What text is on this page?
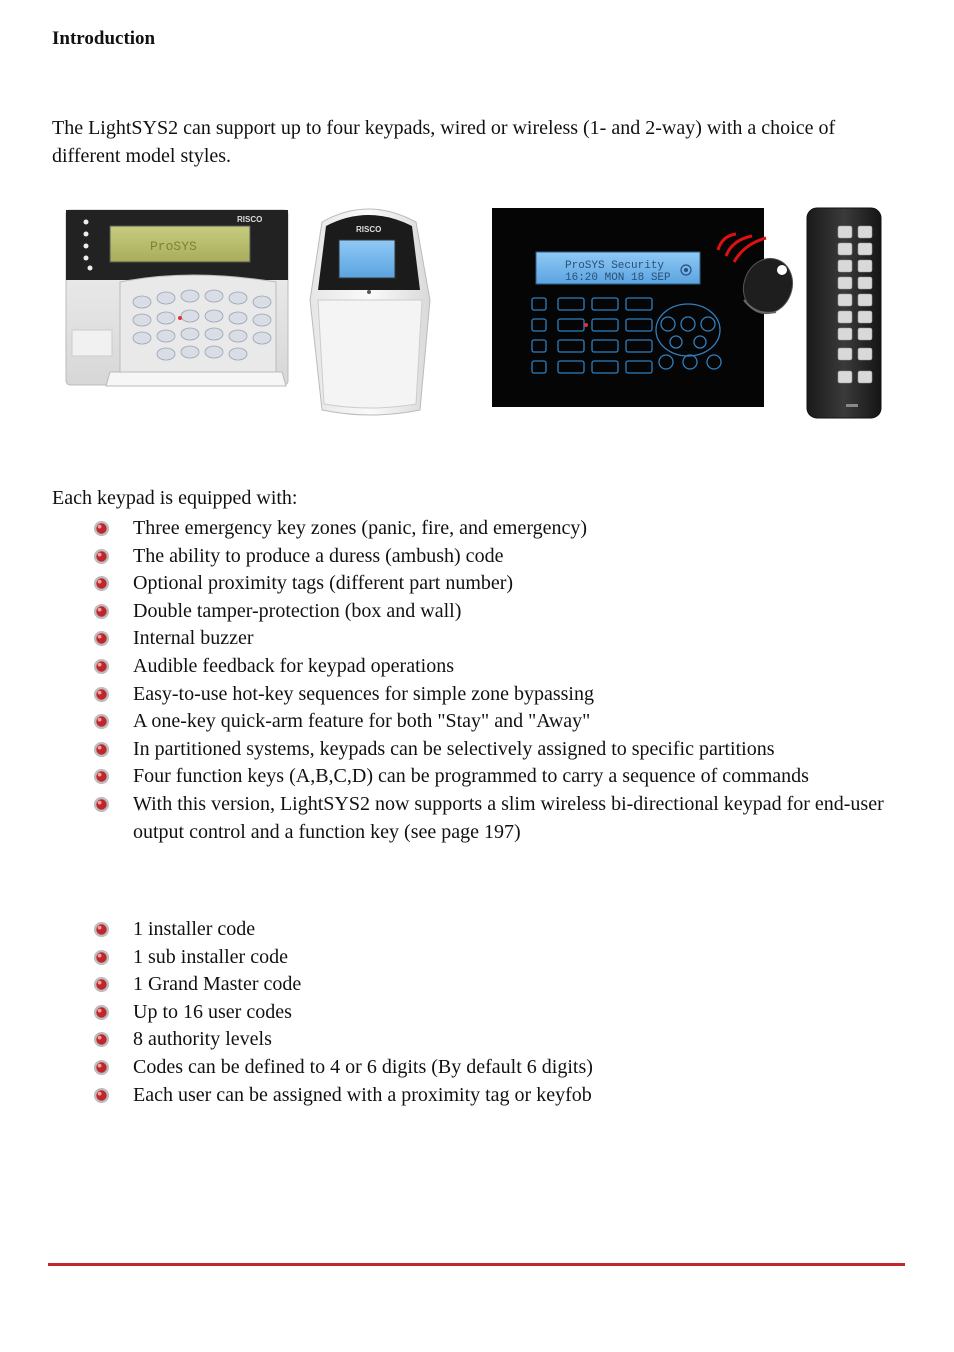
Introduction
The LightSYS2 can support up to four keypads, wired or wireless (1- and 2-way) with a choice of different model styles.
RISCO
ProSYS
RISCO
ProSYS Security
16:20 MON 18 SEP
Each keypad is equipped with:
Three emergency key zones (panic, fire, and emergency)
The ability to produce a duress (ambush) code
Optional proximity tags (different part number)
Double tamper-protection (box and wall)
Internal buzzer
Audible feedback for keypad operations
Easy-to-use hot-key sequences for simple zone bypassing
A one-key quick-arm feature for both "Stay" and "Away"
In partitioned systems, keypads can be selectively assigned to specific partitions
Four function keys (A,B,C,D) can be programmed to carry a sequence of commands
With this version, LightSYS2 now supports a slim wireless bi-directional keypad for end-user output control and a function key (see page 197)
1 installer code
1 sub installer code
1 Grand Master code
Up to 16 user codes
8 authority levels
Codes can be defined to 4 or 6 digits (By default 6 digits)
Each user can be assigned with a proximity tag or keyfob
